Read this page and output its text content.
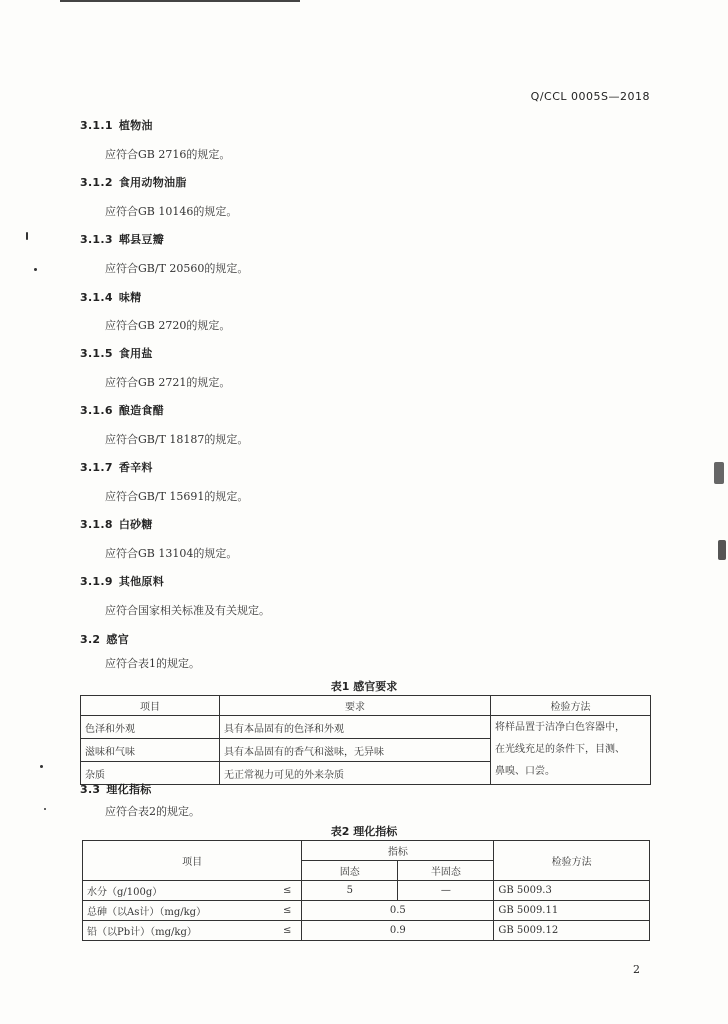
Q/CCL 0005S—2018
3.1.1 植物油
应符合GB 2716的规定。
3.1.2 食用动物油脂
应符合GB 10146的规定。
3.1.3 郫县豆瓣
应符合GB/T 20560的规定。
3.1.4 味精
应符合GB 2720的规定。
3.1.5 食用盐
应符合GB 2721的规定。
3.1.6 酿造食醋
应符合GB/T 18187的规定。
3.1.7 香辛料
应符合GB/T 15691的规定。
3.1.8 白砂糖
应符合GB 13104的规定。
3.1.9 其他原料
应符合国家相关标准及有关规定。
3.2 感官
应符合表1的规定。
表1 感官要求
项目	要求	检验方法
色泽和外观	具有本品固有的色泽和外观	将样品置于洁净白色容器中，
在光线充足的条件下，目测、
鼻嗅、口尝。

滋味和气味	具有本品固有的香气和滋味，无异味	
杂质	无正常视力可见的外来杂质	
3.3 理化指标
应符合表2的规定。
表2 理化指标
项目		指标		检验方法
		固态	半固态	
水分（g/100g）	≤	5	—	GB 5009.3
总砷（以As计）（mg/kg）	≤	0.5		GB 5009.11
铅（以Pb计）（mg/kg）	≤	0.9		GB 5009.12
2
